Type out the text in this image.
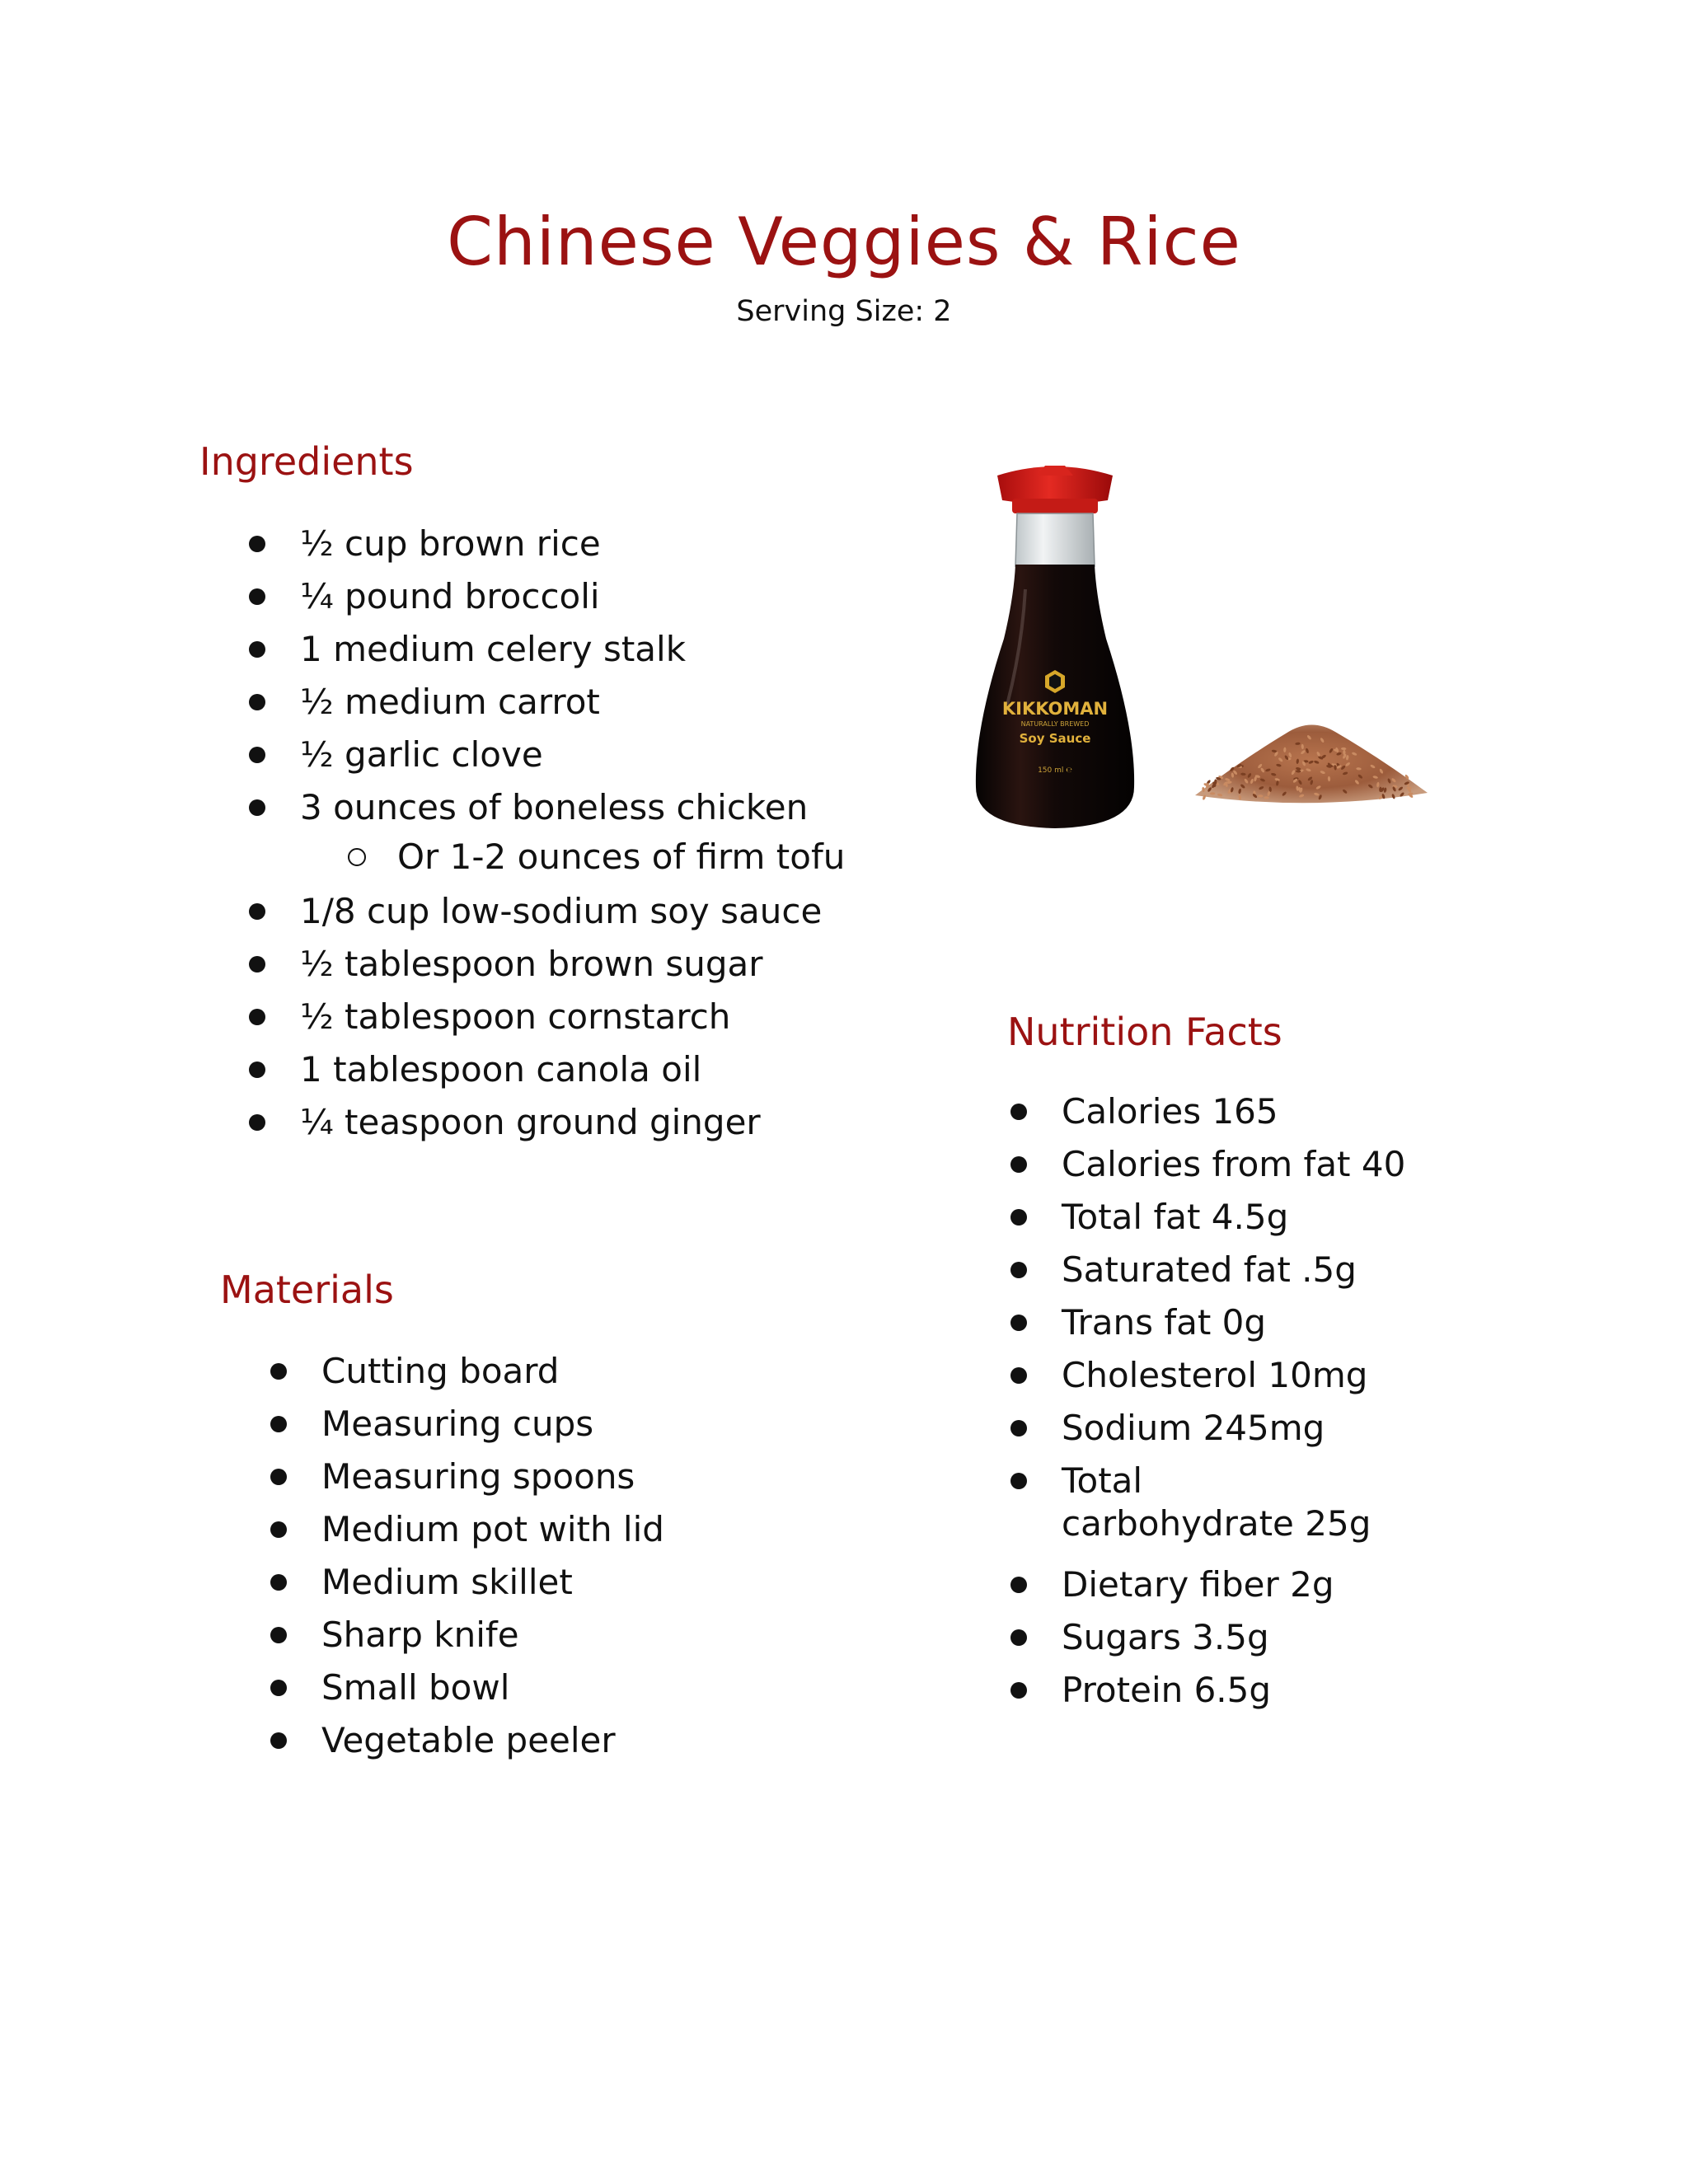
Chinese Veggies & Rice
Serving Size: 2
Ingredients
½ cup brown rice
¼ pound broccoli
1 medium celery stalk
½ medium carrot
½ garlic clove
3 ounces of boneless chicken
Or 1-2 ounces of firm tofu
1/8 cup low-sodium soy sauce
½ tablespoon brown sugar
½ tablespoon cornstarch
1 tablespoon canola oil
¼ teaspoon ground ginger
Materials
Cutting board
Measuring cups
Measuring spoons
Medium pot with lid
Medium skillet
Sharp knife
Small bowl
Vegetable peeler
Nutrition Facts
Calories 165
Calories from fat 40
Total fat 4.5g
Saturated fat .5g
Trans fat 0g
Cholesterol 10mg
Sodium 245mg
Total carbohydrate 25g
Dietary fiber 2g
Sugars 3.5g
Protein 6.5g
KIKKOMAN
NATURALLY BREWED
Soy Sauce
150 ml ℮
